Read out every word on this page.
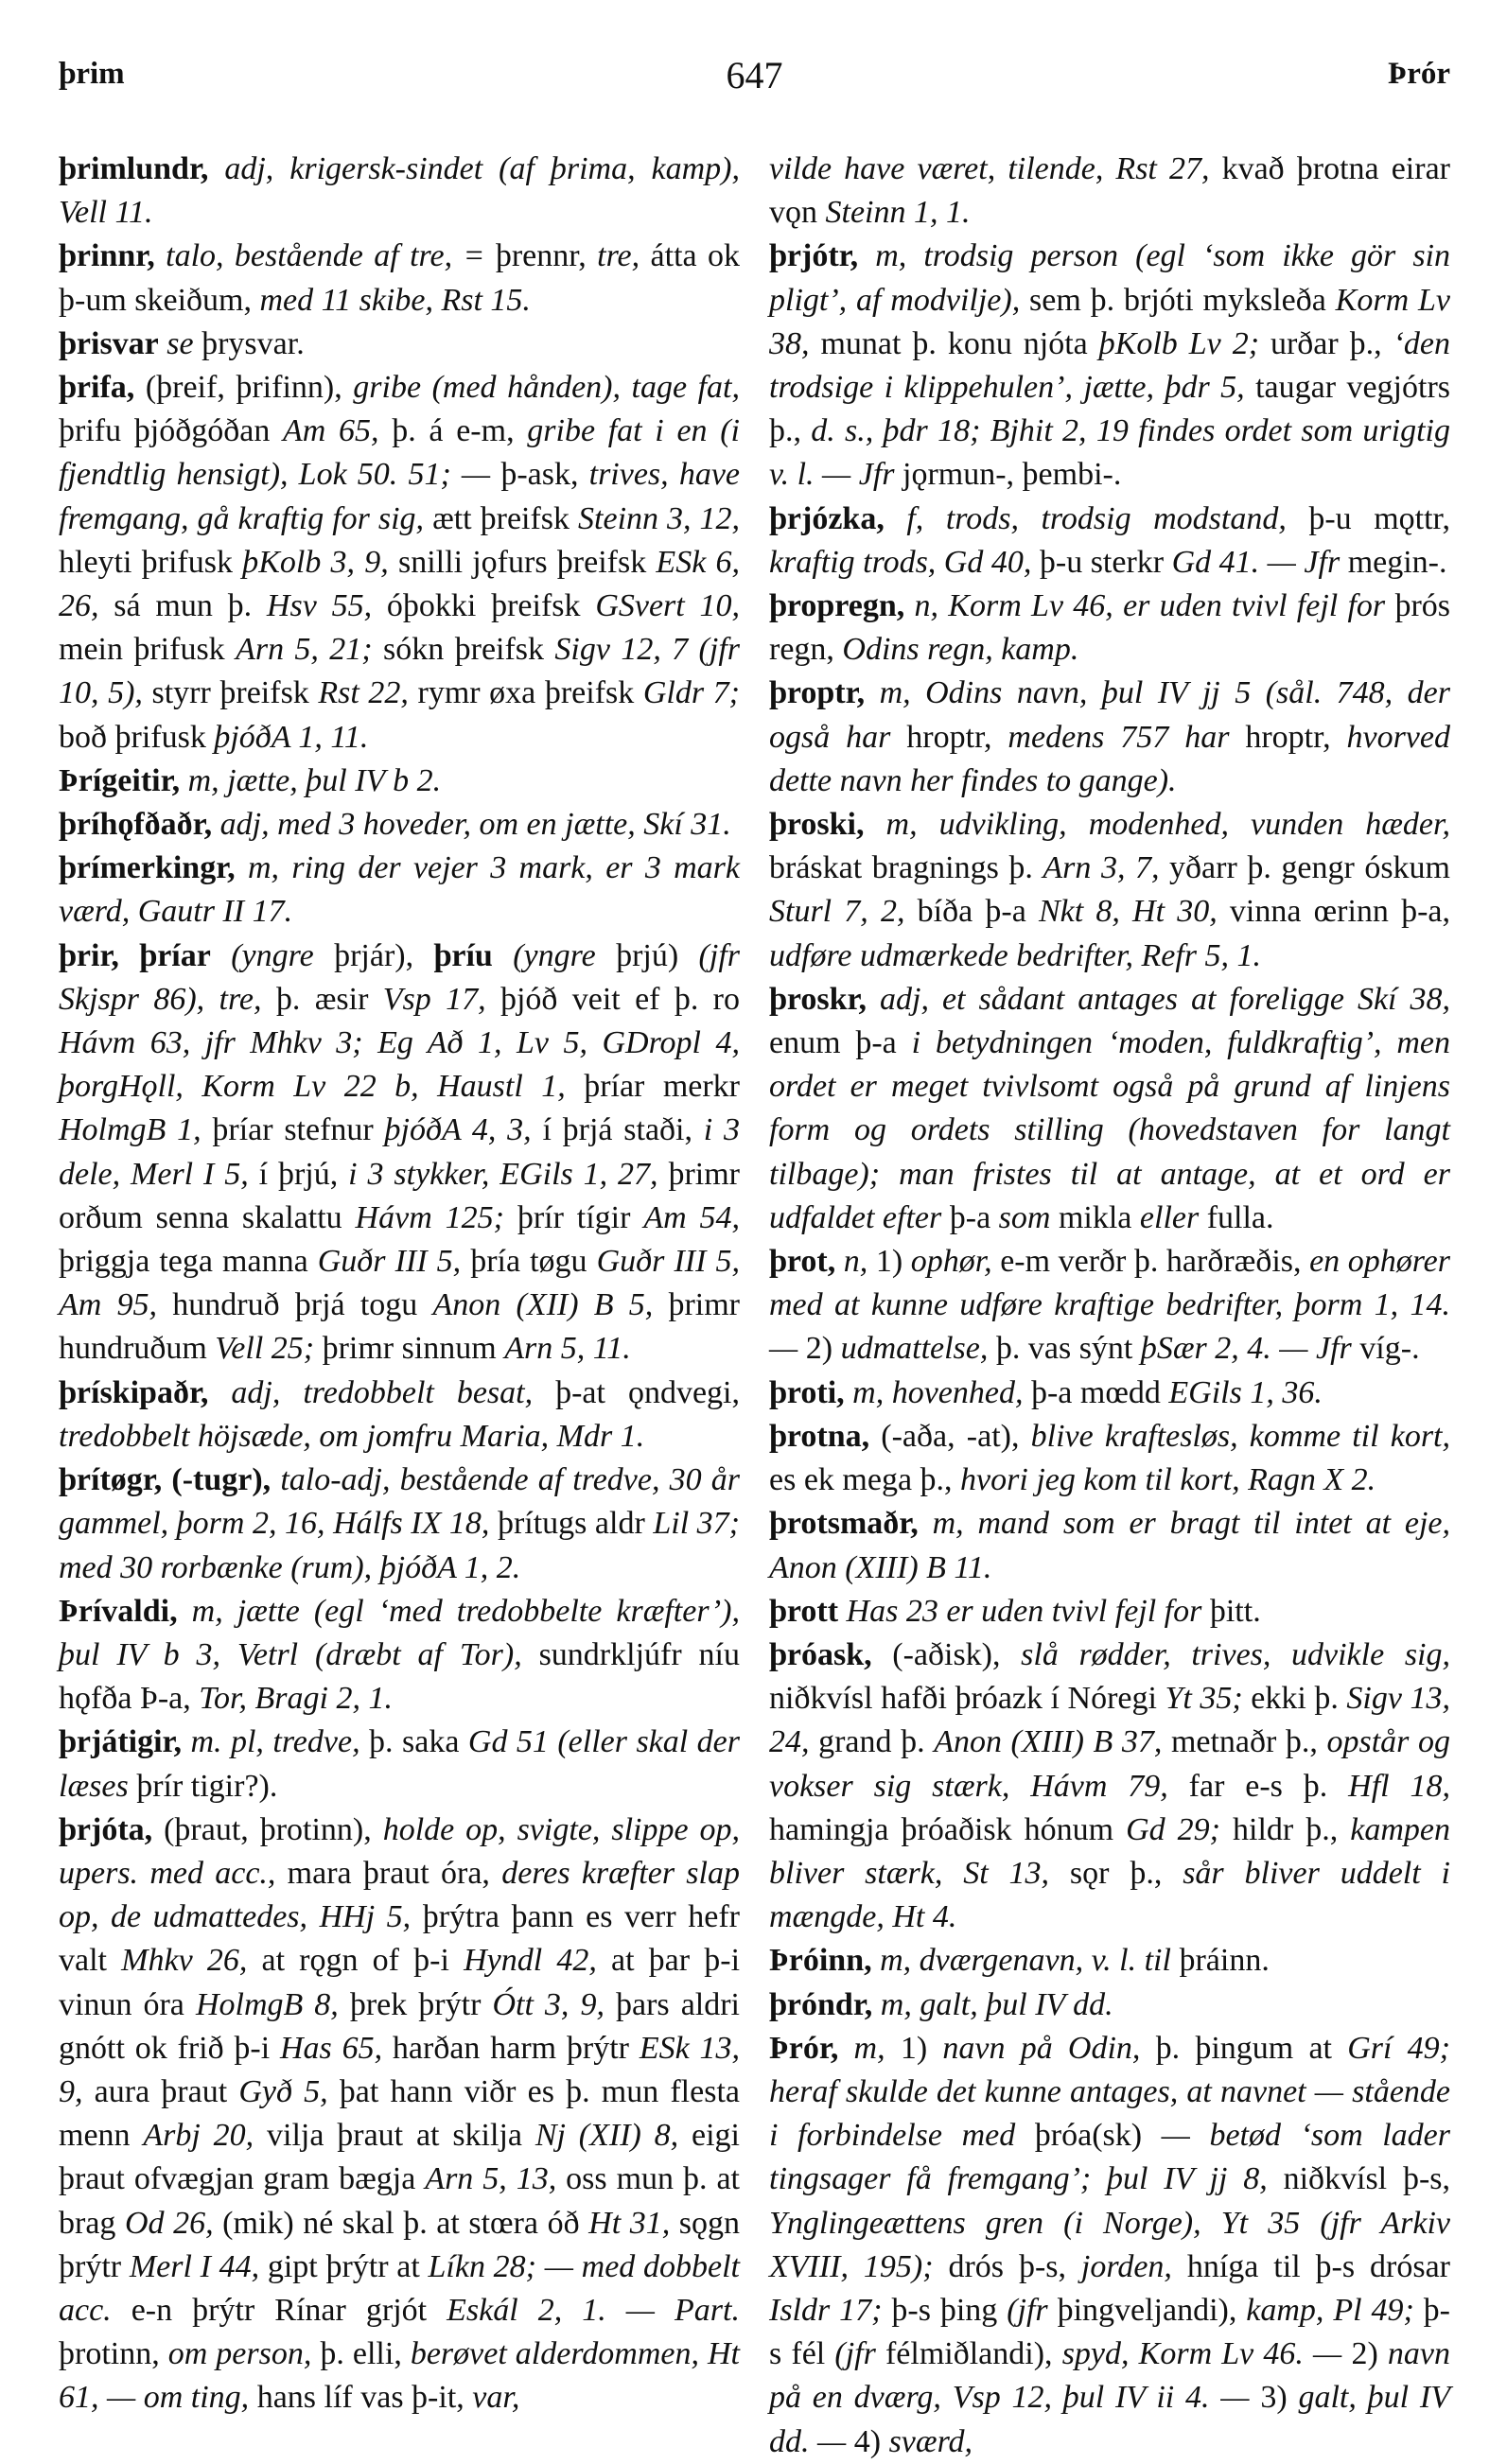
þrim	647	Þrór

þrimlundr, adj, krigersk-sindet (af þrima, kamp), Vell 11.

þrinnr, talo, bestående af tre, = þrennr, tre, átta ok þ-um skeiðum, med 11 skibe, Rst 15.

þrisvar se þrysvar.

þrifa, (þreif, þrifinn), gribe (med hånden), tage fat, þrifu þjóðgóðan Am 65, þ. á e-m, gribe fat i en (i fjendtlig hensigt), Lok 50. 51; — þ-ask, trives, have fremgang, gå kraftig for sig, ætt þreifsk Steinn 3, 12, hleyti þrifusk þKolb 3, 9, snilli jǫfurs þreifsk ESk 6, 26, sá mun þ. Hsv 55, óþokki þreifsk GSvert 10, mein þrifusk Arn 5, 21; sókn þreifsk Sigv 12, 7 (jfr 10, 5), styrr þreifsk Rst 22, rymr øxa þreifsk Gldr 7; boð þrifusk þjóðA 1, 11.

Þrígeitir, m, jætte, þul IV b 2.

þríhǫfðaðr, adj, med 3 hoveder, om en jætte, Skí 31.

þrímerkingr, m, ring der vejer 3 mark, er 3 mark værd, Gautr II 17.

þrir, þríar (yngre þrjár), þríu (yngre þrjú) (jfr Skjspr 86), tre, þ. æsir Vsp 17, þjóð veit ef þ. ro Hávm 63, jfr Mhkv 3; Eg Að 1, Lv 5, GDropl 4, þorgHǫll, Korm Lv 22 b, Haustl 1, þríar merkr HolmgB 1, þríar stefnur þjóðA 4, 3, í þrjá staði, i 3 dele, Merl I 5, í þrjú, i 3 stykker, EGils 1, 27, þrimr orðum senna skalattu Hávm 125; þrír tígir Am 54, þriggja tega manna Guðr III 5, þría tøgu Guðr III 5, Am 95, hundruð þrjá togu Anon (XII) B 5, þrimr hundruðum Vell 25; þrimr sinnum Arn 5, 11.

þrískipaðr, adj, tredobbelt besat, þ-at ǫndvegi, tredobbelt höjsæde, om jomfru Maria, Mdr 1.

þrítøgr, (-tugr), talo-adj, bestående af tredve, 30 år gammel, þorm 2, 16, Hálfs IX 18, þrítugs aldr Lil 37; med 30 rorbænke (rum), þjóðA 1, 2.

Þrívaldi, m, jætte (egl ‘med tredobbelte kræfter’), þul IV b 3, Vetrl (dræbt af Tor), sundrkljúfr níu hǫfða Þ-a, Tor, Bragi 2, 1.

þrjátigir, m. pl, tredve, þ. saka Gd 51 (eller skal der læses þrír tigir?).

þrjóta, (þraut, þrotinn), holde op, svigte, slippe op, upers. med acc., mara þraut óra, deres kræfter slap op, de udmattedes, HHj 5, þrýtra þann es verr hefr valt Mhkv 26, at rǫgn of þ-i Hyndl 42, at þar þ-i vinun óra HolmgB 8, þrek þrýtr Ótt 3, 9, þars aldri gnótt ok frið þ-i Has 65, harðan harm þrýtr ESk 13, 9, aura þraut Gyð 5, þat hann viðr es þ. mun flesta menn Arbj 20, vilja þraut at skilja Nj (XII) 8, eigi þraut ofvægjan gram bægja Arn 5, 13, oss mun þ. at brag Od 26, (mik) né skal þ. at stœra óð Ht 31, sǫgn þrýtr Merl I 44, gipt þrýtr at Líkn 28; — med dobbelt acc. e-n þrýtr Rínar grjót Eskál 2, 1. — Part. þrotinn, om person, þ. elli, berøvet alderdommen, Ht 61, — om ting, hans líf vas þ-it, var,

vilde have været, tilende, Rst 27, kvað þrotna eirar vǫn Steinn 1, 1.

þrjótr, m, trodsig person (egl ‘som ikke gör sin pligt’, af modvilje), sem þ. brjóti myksleða Korm Lv 38, munat þ. konu njóta þKolb Lv 2; urðar þ., ‘den trodsige i klippehulen’, jætte, þdr 5, taugar vegjótrs þ., d. s., þdr 18; Bjhit 2, 19 findes ordet som urigtig v. l. — Jfr jǫrmun-, þembi-.

þrjózka, f, trods, trodsig modstand, þ-u mǫttr, kraftig trods, Gd 40, þ-u sterkr Gd 41. — Jfr megin-.

þropregn, n, Korm Lv 46, er uden tvivl fejl for þrós regn, Odins regn, kamp.

þroptr, m, Odins navn, þul IV jj 5 (sål. 748, der også har hroptr, medens 757 har hroptr, hvorved dette navn her findes to gange).

þroski, m, udvikling, modenhed, vunden hæder, bráskat bragnings þ. Arn 3, 7, yðarr þ. gengr óskum Sturl 7, 2, bíða þ-a Nkt 8, Ht 30, vinna œrinn þ-a, udføre udmærkede bedrifter, Refr 5, 1.

þroskr, adj, et sådant antages at foreligge Skí 38, enum þ-a i betydningen ‘moden, fuldkraftig’, men ordet er meget tvivlsomt også på grund af linjens form og ordets stilling (hovedstaven for langt tilbage); man fristes til at antage, at et ord er udfaldet efter þ-a som mikla eller fulla.

þrot, n, 1) ophør, e-m verðr þ. harðræðis, en ophører med at kunne udføre kraftige bedrifter, þorm 1, 14. — 2) udmattelse, þ. vas sýnt þSær 2, 4. — Jfr víg-.

þroti, m, hovenhed, þ-a mœdd EGils 1, 36.

þrotna, (-aða, -at), blive kraftesløs, komme til kort, es ek mega þ., hvori jeg kom til kort, Ragn X 2.

þrotsmaðr, m, mand som er bragt til intet at eje, Anon (XIII) B 11.

þrott Has 23 er uden tvivl fejl for þitt.

þróask, (-aðisk), slå rødder, trives, udvikle sig, niðkvísl hafði þróazk í Nóregi Yt 35; ekki þ. Sigv 13, 24, grand þ. Anon (XIII) B 37, metnaðr þ., opstår og vokser sig stærk, Hávm 79, far e-s þ. Hfl 18, hamingja þróaðisk hónum Gd 29; hildr þ., kampen bliver stærk, St 13, sǫr þ., sår bliver uddelt i mængde, Ht 4.

Þróinn, m, dværgenavn, v. l. til þráinn.

þróndr, m, galt, þul IV dd.

Þrór, m, 1) navn på Odin, þ. þingum at Grí 49; heraf skulde det kunne antages, at navnet — stående i forbindelse med þróa(sk) — betød ‘som lader tingsager få fremgang’; þul IV jj 8, niðkvísl þ-s, Ynglingeættens gren (i Norge), Yt 35 (jfr Arkiv XVIII, 195); drós þ-s, jorden, hníga til þ-s drósar Isldr 17; þ-s þing (jfr þingveljandi), kamp, Pl 49; þ-s fél (jfr félmiðlandi), spyd, Korm Lv 46. — 2) navn på en dværg, Vsp 12, þul IV ii 4. — 3) galt, þul IV dd. — 4) sværd,
